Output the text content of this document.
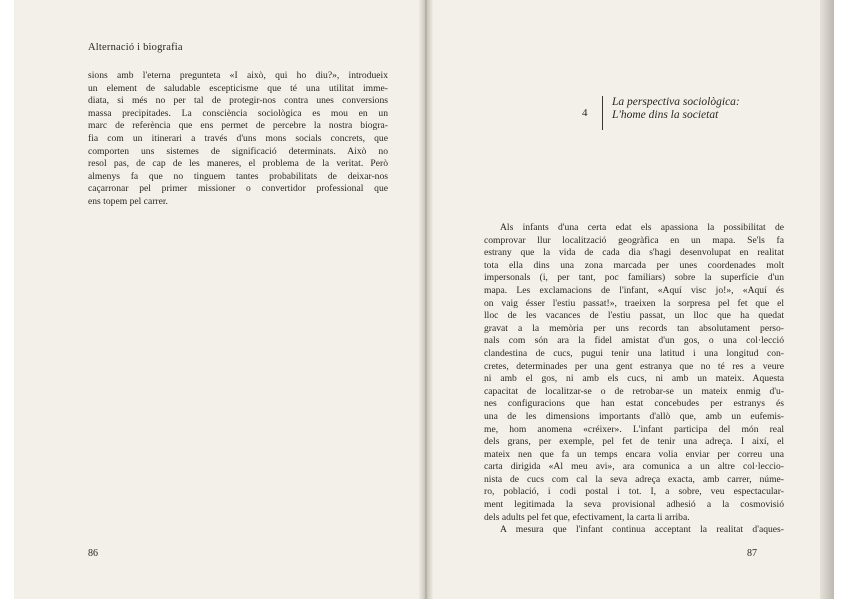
Alternació i biografia
sions amb l'eterna pregunteta «I això, qui ho diu?», introdueix
un element de saludable escepticisme que té una utilitat imme-
diata, si més no per tal de protegir-nos contra unes conversions
massa precipitades. La consciència sociològica es mou en un
marc de referència que ens permet de percebre la nostra biogra-
fia com un itinerari a través d'uns mons socials concrets, que
comporten uns sistemes de significació determinats. Això no
resol pas, de cap de les maneres, el problema de la veritat. Però
almenys fa que no tinguem tantes probabilitats de deixar-nos
caçarronar pel primer missioner o convertidor professional que
ens topem pel carrer.
86
4
La perspectiva sociològica:
L'home dins la societat
Als infants d'una certa edat els apassiona la possibilitat de
comprovar llur localització geogràfica en un mapa. Se'ls fa
estrany que la vida de cada dia s'hagi desenvolupat en realitat
tota ella dins una zona marcada per unes coordenades molt
impersonals (i, per tant, poc familiars) sobre la superfície d'un
mapa. Les exclamacions de l'infant, «Aquí visc jo!», «Aquí és
on vaig ésser l'estiu passat!», traeixen la sorpresa pel fet que el
lloc de les vacances de l'estiu passat, un lloc que ha quedat
gravat a la memòria per uns records tan absolutament perso-
nals com són ara la fidel amistat d'un gos, o una col·lecció
clandestina de cucs, pugui tenir una latitud i una longitud con-
cretes, determinades per una gent estranya que no té res a veure
ni amb el gos, ni amb els cucs, ni amb un mateix. Aquesta
capacitat de localitzar-se o de retrobar-se un mateix enmig d'u-
nes configuracions que han estat concebudes per estranys és
una de les dimensions importants d'allò que, amb un eufemis-
me, hom anomena «créixer». L'infant participa del món real
dels grans, per exemple, pel fet de tenir una adreça. I així, el
mateix nen que fa un temps encara volia enviar per correu una
carta dirigida «Al meu avi», ara comunica a un altre col·leccio-
nista de cucs com cal la seva adreça exacta, amb carrer, núme-
ro, població, i codi postal i tot. I, a sobre, veu espectacular-
ment legitimada la seva provisional adhesió a la cosmovisió
dels adults pel fet que, efectivament, la carta li arriba.
A mesura que l'infant continua acceptant la realitat d'aques-
87
